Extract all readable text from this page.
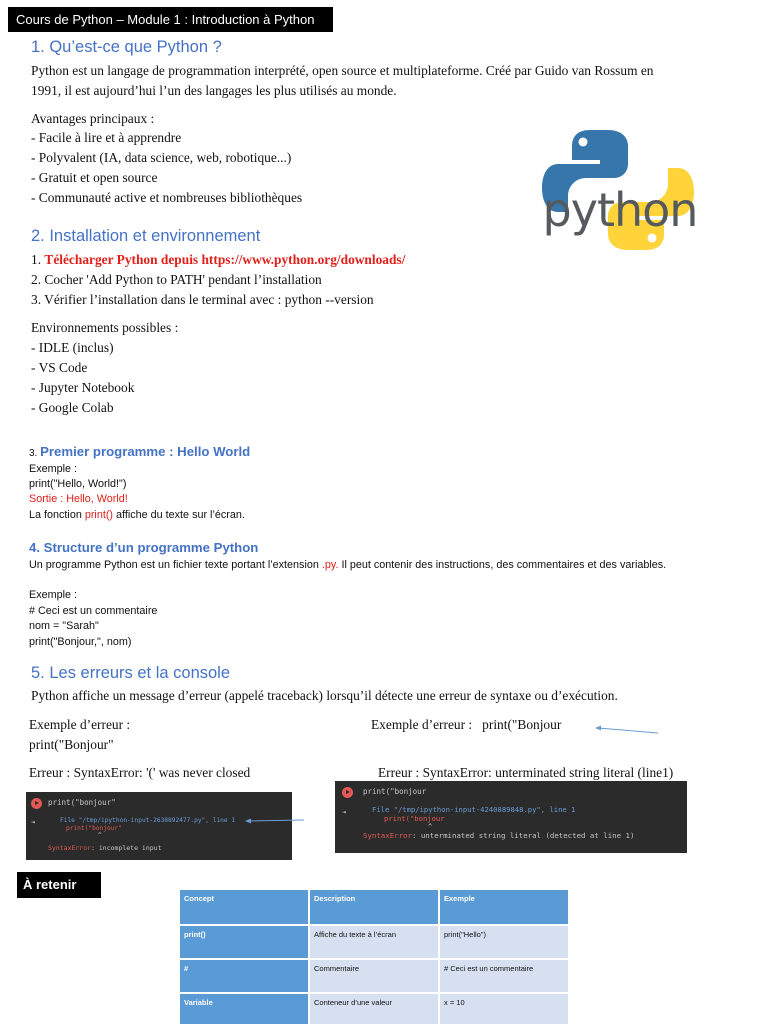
Cours de Python – Module 1 : Introduction à Python
1. Qu’est-ce que Python ?
Python est un langage de programmation interprété, open source et multiplateforme. Créé par Guido van Rossum en
1991, il est aujourd’hui l’un des langages les plus utilisés au monde.
Avantages principaux :
- Facile à lire et à apprendre
- Polyvalent (IA, data science, web, robotique...)
- Gratuit et open source
- Communauté active et nombreuses bibliothèques	python
2. Installation et environnement
1. Télécharger Python depuis https://www.python.org/downloads/
2. Cocher 'Add Python to PATH' pendant l’installation
3. Vérifier l’installation dans le terminal avec : python --version
Environnements possibles :
- IDLE (inclus)
- VS Code
- Jupyter Notebook
- Google Colab
3. Premier programme : Hello World
Exemple :
print("Hello, World!")
Sortie : Hello, World!
La fonction print() affiche du texte sur l’écran.
4. Structure d’un programme Python
Un programme Python est un fichier texte portant l’extension .py. Il peut contenir des instructions, des commentaires et des variables.
Exemple :
# Ceci est un commentaire
nom = "Sarah"
print("Bonjour,", nom)
5. Les erreurs et la console
Python affiche un message d’erreur (appelé traceback) lorsqu’il détecte une erreur de syntaxe ou d’exécution.
Exemple d’erreur :
print("Bonjour"
Erreur : SyntaxError: '(' was never closed
Exemple d’erreur : print("Bonjour
Erreur : SyntaxError: unterminated string literal (line1)
print("bonjour"
⇥	File "/tmp/ipython-input-2638892477.py", line 1
print("bonjour"
^
SyntaxError: incomplete input
print("bonjour
⇥	File "/tmp/ipython-input-4240889848.py", line 1
print("bonjour
^
SyntaxError: unterminated string literal (detected at line 1)
À retenir
Concept	Description	Exemple
print()	Affiche du texte à l’écran	print("Hello")
#	Commentaire	# Ceci est un commentaire
Variable	Conteneur d’une valeur	x = 10
